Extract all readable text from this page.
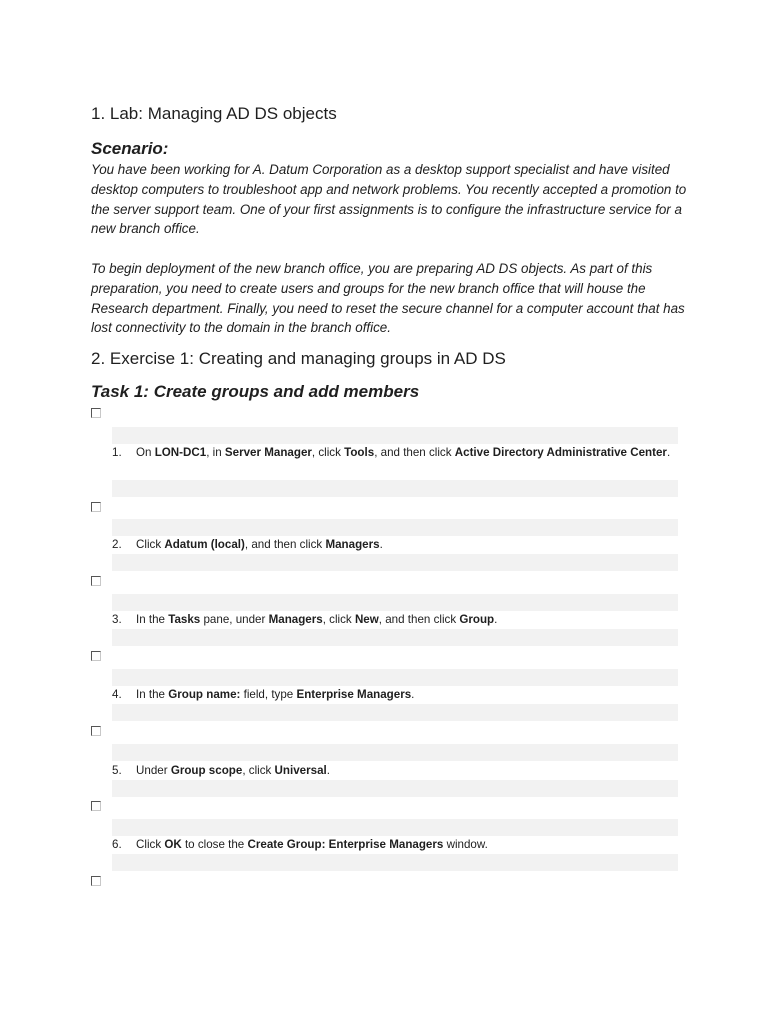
1. Lab: Managing AD DS objects
Scenario:

You have been working for A. Datum Corporation as a desktop support specialist and have visited desktop computers to troubleshoot app and network problems. You recently accepted a promotion to the server support team. One of your first assignments is to configure the infrastructure service for a new branch office.

To begin deployment of the new branch office, you are preparing AD DS objects. As part of this preparation, you need to create users and groups for the new branch office that will house the Research department. Finally, you need to reset the secure channel for a computer account that has lost connectivity to the domain in the branch office.

2. Exercise 1: Creating and managing groups in AD DS
Task 1: Create groups and add members
1.	On LON-DC1, in Server Manager, click Tools, and then click Active Directory Administrative Center.
2.	Click Adatum (local), and then click Managers.
3.	In the Tasks pane, under Managers, click New, and then click Group.
4.	In the Group name: field, type Enterprise Managers.
5.	Under Group scope, click Universal.
6.	Click OK to close the Create Group: Enterprise Managers window.
